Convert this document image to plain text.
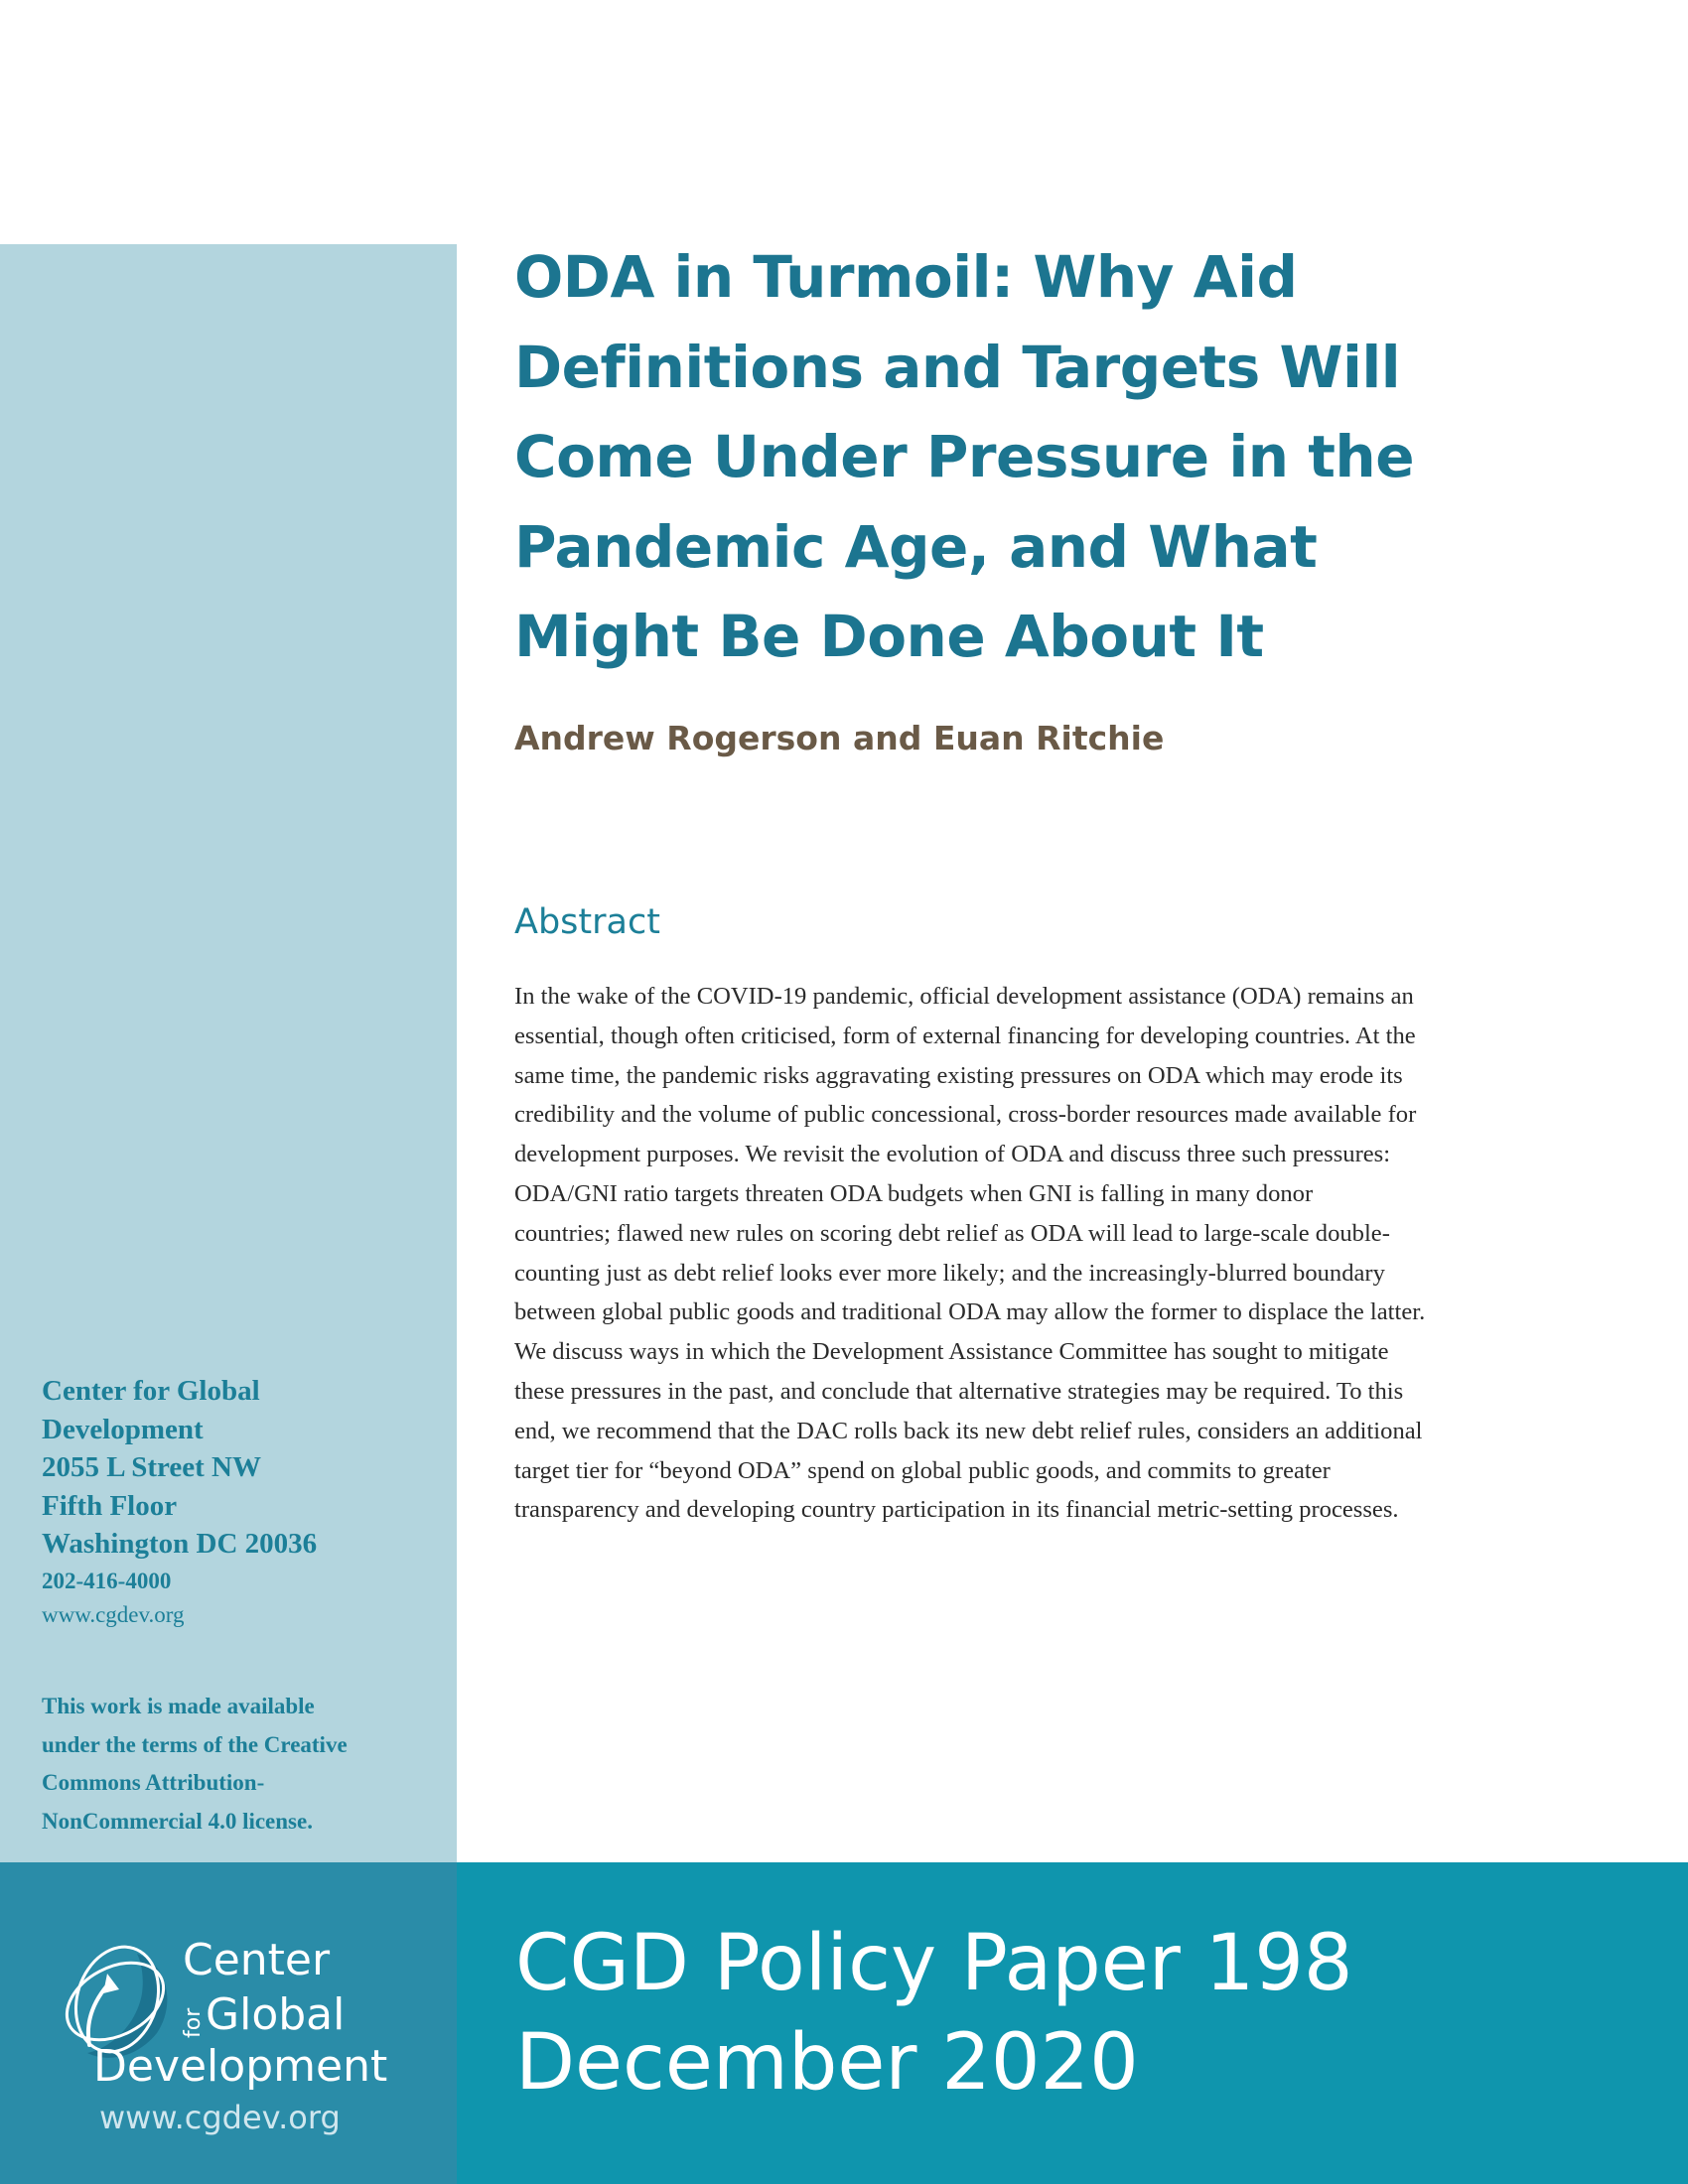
ODA in Turmoil: Why Aid
Definitions and Targets Will
Come Under Pressure in the
Pandemic Age, and What
Might Be Done About It
Andrew Rogerson and Euan Ritchie
Abstract
In the wake of the COVID-19 pandemic, official development assistance (ODA) remains an
essential, though often criticised, form of external financing for developing countries. At the
same time, the pandemic risks aggravating existing pressures on ODA which may erode its
credibility and the volume of public concessional, cross-border resources made available for
development purposes. We revisit the evolution of ODA and discuss three such pressures:
ODA/GNI ratio targets threaten ODA budgets when GNI is falling in many donor
countries; flawed new rules on scoring debt relief as ODA will lead to large-scale double-
counting just as debt relief looks ever more likely; and the increasingly-blurred boundary
between global public goods and traditional ODA may allow the former to displace the latter.
We discuss ways in which the Development Assistance Committee has sought to mitigate
these pressures in the past, and conclude that alternative strategies may be required. To this
end, we recommend that the DAC rolls back its new debt relief rules, considers an additional
target tier for “beyond ODA” spend on global public goods, and commits to greater
transparency and developing country participation in its financial metric-setting processes.
Center for Global
Development
2055 L Street NW
Fifth Floor
Washington DC 20036
202-416-4000
www.cgdev.org
This work is made available
under the terms of the Creative
Commons Attribution-
NonCommercial 4.0 license.
Center
for Global
Development
www.cgdev.org
CGD Policy Paper 198
December 2020
